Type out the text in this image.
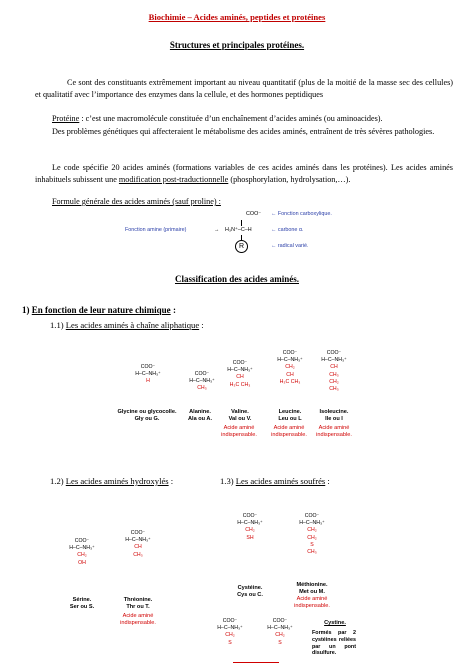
Biochimie – Acides aminés, peptides et protéines
Structures et principales protéines.
Ce sont des constituants extrêmement important au niveau quantitatif (plus de la moitié de la masse sec des cellules) et qualitatif avec l’importance des enzymes dans la cellule, et des hormones peptidiques
Protéine : c’est une macromolécule constituée d’un enchaînement d’acides aminés (ou aminoacides).
Des problèmes génétiques qui affecteraient le métabolisme des acides aminés, entraînent de très sévères pathologies.
Le code spécifie 20 acides aminés (formations variables de ces acides aminés dans les protéines). Les acides aminés inhabituels subissent une modification post-traductionnelle (phosphorylation, hydrolysation,…).
Formule générale des acides aminés (sauf proline) :
COO⁻
Fonction amine (primaire)	→ H₃N⁺–C–H
R
← Fonction carboxylique.
← carbone α.
← radical varié.
Classification des acides aminés.
1) En fonction de leur nature chimique :
1.1) Les acides aminés à chaîne aliphatique :
COO⁻
H–C–NH₃⁺
H
Glycine ou glycocolle.
Gly ou G.
COO⁻
H–C–NH₃⁺
CH₃
Alanine.
Ala ou A.
COO⁻
H–C–NH₃⁺
CH
H₃C CH₃
Valine.
Val ou V.
Acide aminé
indispensable.
COO⁻
H–C–NH₃⁺
CH₂
CH
H₃C CH₃
Leucine.
Leu ou L
Acide aminé
indispensable.
COO⁻
H–C–NH₃⁺
CH
CH₃
CH₂
CH₃
Isoleucine.
Ile ou I
Acide aminé
indispensable.
1.2) Les acides aminés hydroxylés :	1.3) Les acides aminés soufrés :
COO⁻
H–C–NH₃⁺
CH₂
OH
Sérine.
Ser ou S.
COO⁻
H–C–NH₃⁺
CH
CH₃
Thréonine.
Thr ou T.
Acide aminé
indispensable.
COO⁻
H–C–NH₃⁺
CH₂
SH
Cystéine.
Cys ou C.
COO⁻
H–C–NH₃⁺
CH₂
CH₂
S
CH₃
Méthionine.
Met ou M.
Acide aminé
indispensable.
COO⁻
H–C–NH₃⁺
CH₂
S
COO⁻
H–C–NH₃⁺
CH₂
S
Cystine.
Formés par 2 cystéines reliées par un pont disulfure.
